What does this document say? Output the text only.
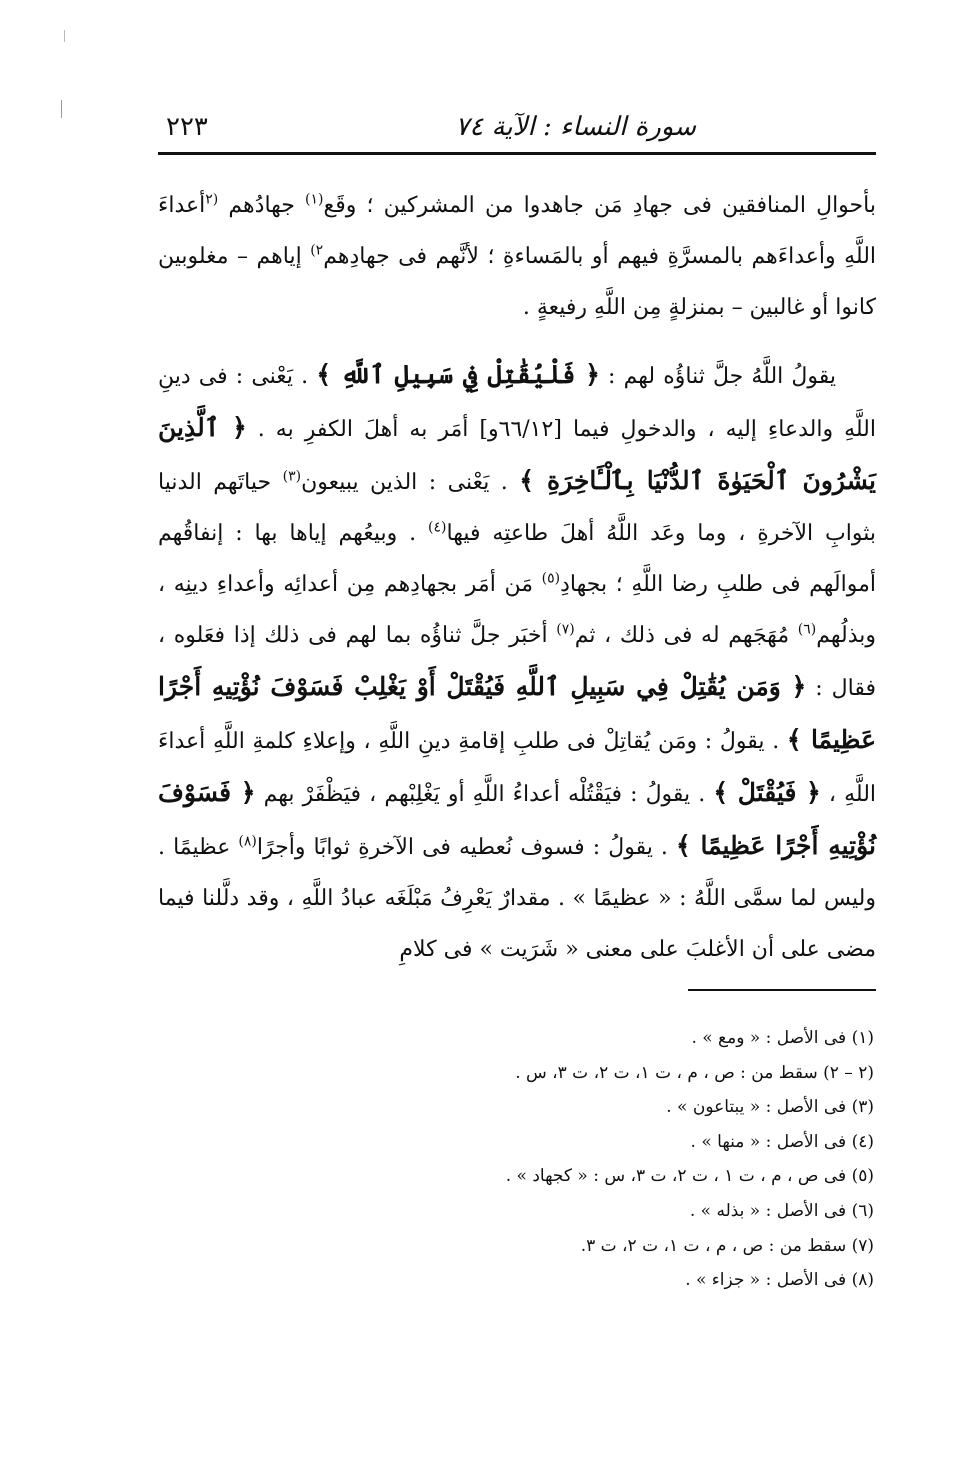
سورة النساء : الآية ٧٤
٢٢٣

بأحوالِ المنافقين فى جهادِ مَن جاهدوا من المشركين ؛ وقَع$^{(١)}$ جهادُهم $^{(٢}$أعداءَ اللَّهِ وأعداءَهم بالمسرَّةِ فيهم أو بالمَساءةِ ؛ لأنَّهم فى جهادِهم$^{٢)}$ إياهم – مغلوبين كانوا أو غالبين – بمنزلةٍ مِن اللَّهِ رفيعةٍ .

يقولُ اللَّهُ جلَّ ثناؤُه لهم : ﴿ فَلْيُقَٰتِلْ فِي سَبِيلِ ٱللَّهِ ﴾ . يَعْنى : فى دينِ اللَّهِ والدعاءِ إليه ، والدخولِ فيما [٦٦/١٢و] أمَر به أهلَ الكفرِ به . ﴿ ٱلَّذِينَ يَشْرُونَ ٱلْحَيَوٰةَ ٱلدُّنْيَا بِٱلْـَٔاخِرَةِ ﴾ . يَعْنى : الذين يبيعون$^{(٣)}$ حياتَهم الدنيا بثوابِ الآخرةِ ، وما وعَد اللَّهُ أهلَ طاعتِه فيها$^{(٤)}$ . وبيعُهم إياها بها : إنفاقُهم أموالَهم فى طلبِ رضا اللَّهِ ؛ بجهادِ$^{(٥)}$ مَن أمَر بجهادِهم مِن أعدائِه وأعداءِ دينِه ، وبذلُهم$^{(٦)}$ مُهَجَهم له فى ذلك ، ثم$^{(٧)}$ أخبَر جلَّ ثناؤُه بما لهم فى ذلك إذا فعَلوه ، فقال : ﴿ وَمَن يُقَٰتِلْ فِي سَبِيلِ ٱللَّهِ فَيُقْتَلْ أَوْ يَغْلِبْ فَسَوْفَ نُؤْتِيهِ أَجْرًا عَظِيمًا ﴾ . يقولُ : ومَن يُقاتِلْ فى طلبِ إقامةِ دينِ اللَّهِ ، وإعلاءِ كلمةِ اللَّهِ أعداءَ اللَّهِ ، ﴿ فَيُقْتَلْ ﴾ . يقولُ : فيَقْتُلْه أعداءُ اللَّهِ أو يَغْلِبْهم ، فيَظْفَرْ بهم ﴿ فَسَوْفَ نُؤْتِيهِ أَجْرًا عَظِيمًا ﴾ . يقولُ : فسوف نُعطيه فى الآخرةِ ثوابًا وأجرًا$^{(٨)}$ عظيمًا . وليس لما سمَّى اللَّهُ : « عظيمًا » . مقدارٌ يَعْرِفُ مَبْلَغَه عبادُ اللَّهِ ، وقد دلَّلنا فيما مضى على أن الأغلبَ على معنى « شَرَيت » فى كلامِ

(١) فى الأصل : « ومع » .
(٢ – ٢) سقط من : ص ، م ، ت ١، ت ٢، ت ٣، س .
(٣) فى الأصل : « يبتاعون » .
(٤) فى الأصل : « منها » .
(٥) فى ص ، م ، ت ١ ، ت ٢، ت ٣، س : « كجهاد » .
(٦) فى الأصل : « بذله » .
(٧) سقط من : ص ، م ، ت ١، ت ٢، ت ٣.
(٨) فى الأصل : « جزاء » .
